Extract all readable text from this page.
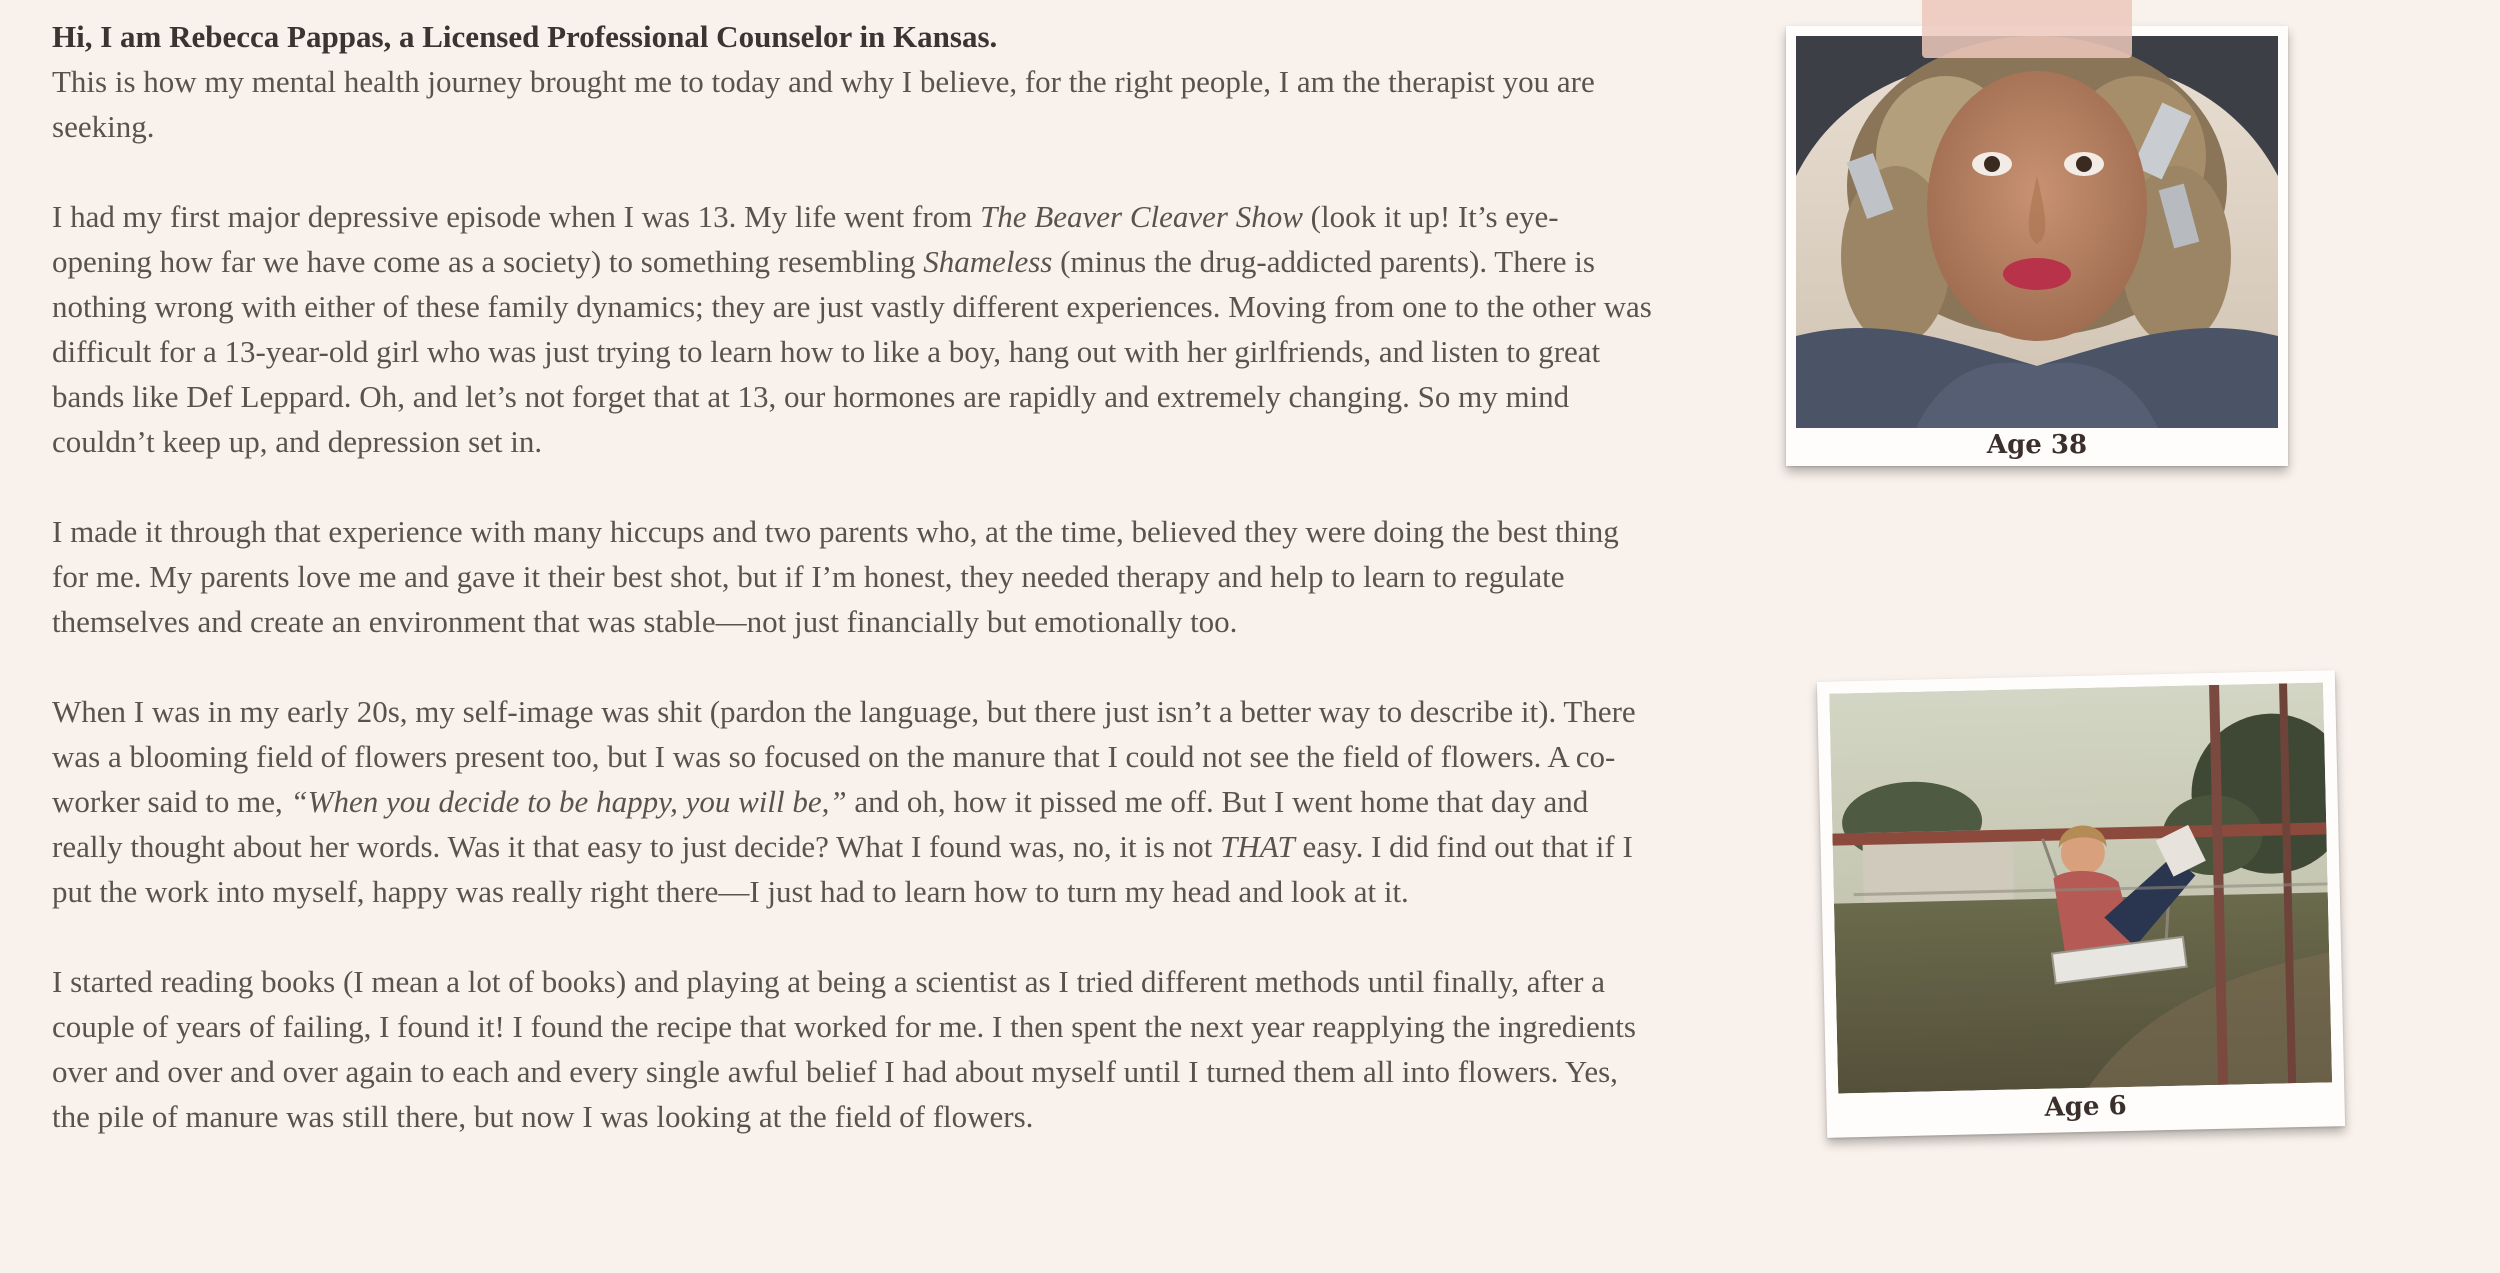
Hi, I am Rebecca Pappas, a Licensed Professional Counselor in Kansas.
This is how my mental health journey brought me to today and why I believe, for the right people, I am the therapist you are seeking.

I had my first major depressive episode when I was 13. My life went from The Beaver Cleaver Show (look it up! It’s eye-opening how far we have come as a society) to something resembling Shameless (minus the drug-addicted parents). There is nothing wrong with either of these family dynamics; they are just vastly different experiences. Moving from one to the other was difficult for a 13-year-old girl who was just trying to learn how to like a boy, hang out with her girlfriends, and listen to great bands like Def Leppard. Oh, and let’s not forget that at 13, our hormones are rapidly and extremely changing. So my mind couldn’t keep up, and depression set in.

I made it through that experience with many hiccups and two parents who, at the time, believed they were doing the best thing for me. My parents love me and gave it their best shot, but if I’m honest, they needed therapy and help to learn to regulate themselves and create an environment that was stable—not just financially but emotionally too.

When I was in my early 20s, my self-image was shit (pardon the language, but there just isn’t a better way to describe it). There was a blooming field of flowers present too, but I was so focused on the manure that I could not see the field of flowers. A co-worker said to me, “When you decide to be happy, you will be,” and oh, how it pissed me off. But I went home that day and really thought about her words. Was it that easy to just decide? What I found was, no, it is not THAT easy. I did find out that if I put the work into myself, happy was really right there—I just had to learn how to turn my head and look at it.

I started reading books (I mean a lot of books) and playing at being a scientist as I tried different methods until finally, after a couple of years of failing, I found it! I found the recipe that worked for me. I then spent the next year reapplying the ingredients over and over and over again to each and every single awful belief I had about myself until I turned them all into flowers. Yes, the pile of manure was still there, but now I was looking at the field of flowers.

Age 38
Age 6
